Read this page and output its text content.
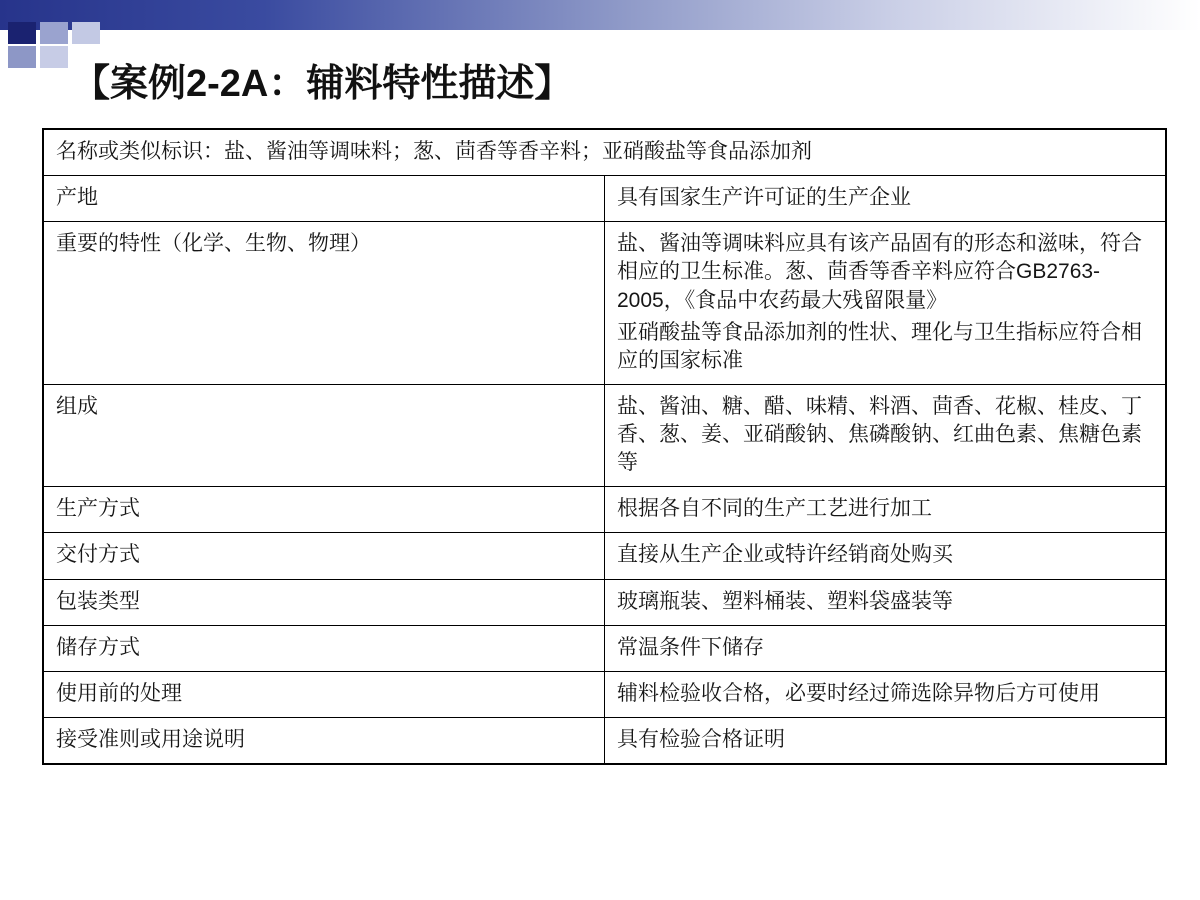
【案例2-2A：辅料特性描述】
名称或类似标识：盐、酱油等调味料；葱、茴香等香辛料；亚硝酸盐等食品添加剂	
产地	具有国家生产许可证的生产企业

重要的特性（化学、生物、物理）	盐、酱油等调味料应具有该产品固有的形态和滋味，符合相应的卫生标准。葱、茴香等香辛料应符合GB2763-2005，《食品中农药最大残留限量》

亚硝酸盐等食品添加剂的性状、理化与卫生指标应符合相应的国家标准

组成	盐、酱油、糖、醋、味精、料酒、茴香、花椒、桂皮、丁香、葱、姜、亚硝酸钠、焦磷酸钠、红曲色素、焦糖色素等

生产方式	根据各自不同的生产工艺进行加工

交付方式	直接从生产企业或特许经销商处购买

包装类型	玻璃瓶装、塑料桶装、塑料袋盛装等

储存方式	常温条件下储存

使用前的处理	辅料检验收合格，必要时经过筛选除异物后方可使用

接受准则或用途说明	具有检验合格证明
